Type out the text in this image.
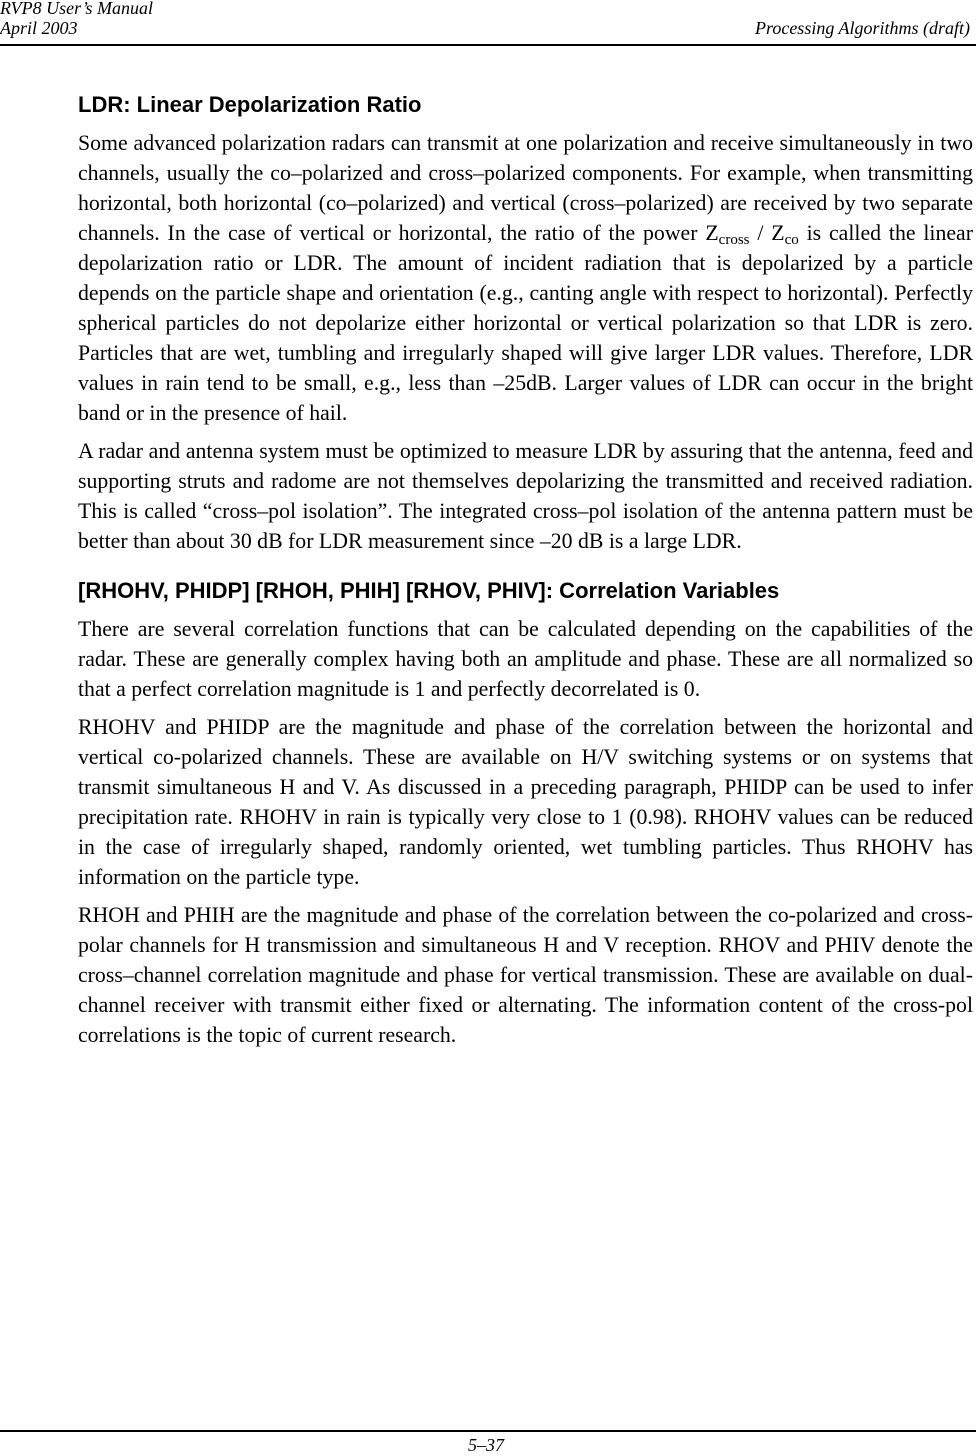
RVP8 User’s Manual
April 2003	Processing Algorithms (draft)
LDR: Linear Depolarization Ratio

Some advanced polarization radars can transmit at one polarization and receive simultaneously in two channels, usually the co–polarized and cross–polarized components. For example, when transmitting horizontal, both horizontal (co–polarized) and vertical (cross–polarized) are received by two separate channels. In the case of vertical or horizontal, the ratio of the power $Z_{cross} / Z_{co}$ is called the linear depolarization ratio or LDR. The amount of incident radiation that is depolarized by a particle depends on the particle shape and orientation (e.g., canting angle with respect to horizontal). Perfectly spherical particles do not depolarize either horizontal or vertical polarization so that LDR is zero. Particles that are wet, tumbling and irregularly shaped will give larger LDR values. Therefore, LDR values in rain tend to be small, e.g., less than –25dB. Larger values of LDR can occur in the bright band or in the presence of hail.

A radar and antenna system must be optimized to measure LDR by assuring that the antenna, feed and supporting struts and radome are not themselves depolarizing the transmitted and received radiation. This is called “cross–pol isolation”. The integrated cross–pol isolation of the antenna pattern must be better than about 30 dB for LDR measurement since –20 dB is a large LDR.

[RHOHV, PHIDP] [RHOH, PHIH] [RHOV, PHIV]: Correlation Variables

There are several correlation functions that can be calculated depending on the capabilities of the radar. These are generally complex having both an amplitude and phase. These are all normalized so that a perfect correlation magnitude is 1 and perfectly decorrelated is 0.

RHOHV and PHIDP are the magnitude and phase of the correlation between the horizontal and vertical co-polarized channels. These are available on H/V switching systems or on systems that transmit simultaneous H and V. As discussed in a preceding paragraph, PHIDP can be used to infer precipitation rate. RHOHV in rain is typically very close to 1 (0.98). RHOHV values can be reduced in the case of irregularly shaped, randomly oriented, wet tumbling particles. Thus RHOHV has information on the particle type.

RHOH and PHIH are the magnitude and phase of the correlation between the co-polarized and cross-polar channels for H transmission and simultaneous H and V reception. RHOV and PHIV denote the cross–channel correlation magnitude and phase for vertical transmission. These are available on dual-channel receiver with transmit either fixed or alternating. The information content of the cross-pol correlations is the topic of current research.

5–37
